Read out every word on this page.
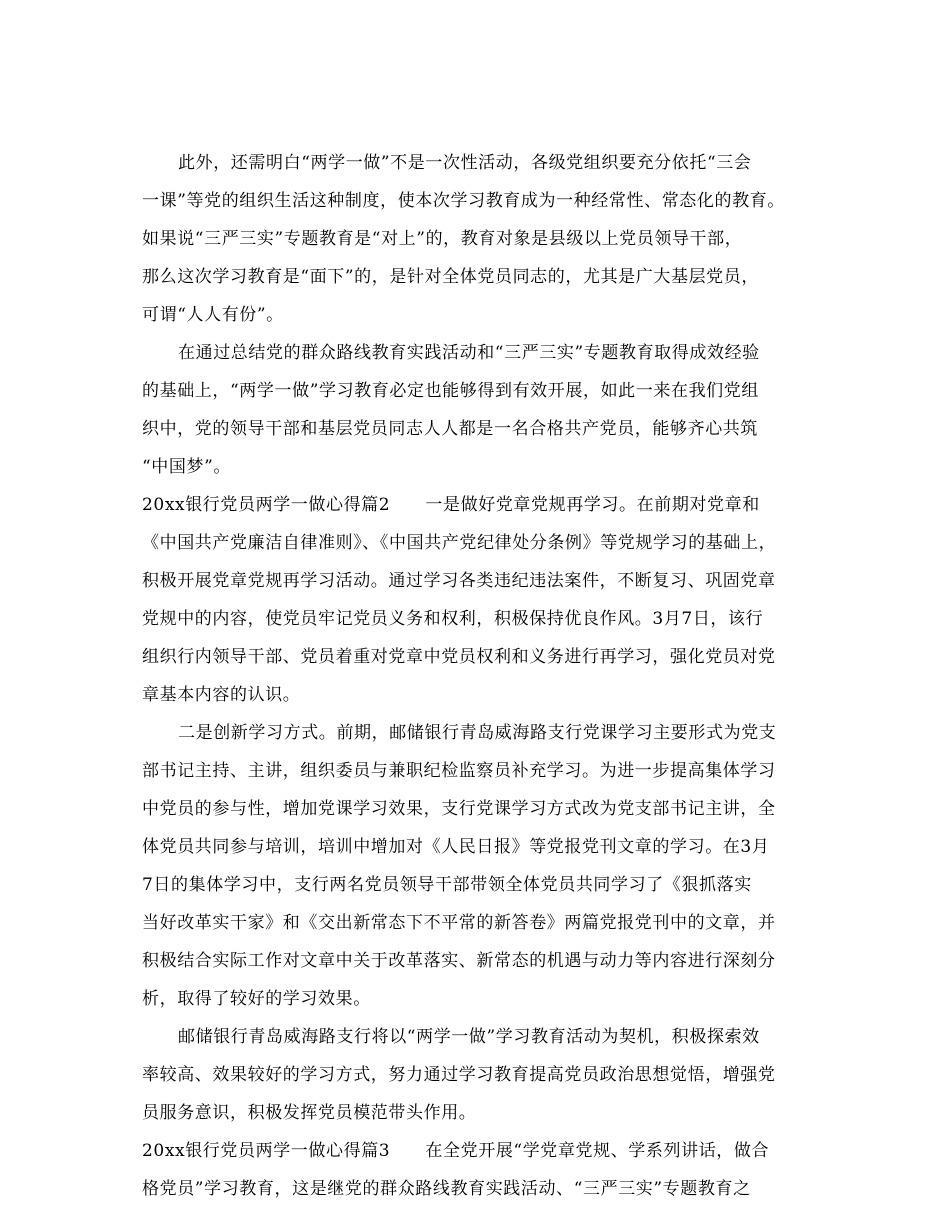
此外，还需明白“两学一做”不是一次性活动，各级党组织要充分依托“三会
一课”等党的组织生活这种制度，使本次学习教育成为一种经常性、常态化的教育。
如果说“三严三实”专题教育是“对上”的，教育对象是县级以上党员领导干部，
那么这次学习教育是“面下”的，是针对全体党员同志的，尤其是广大基层党员，
可谓“人人有份”。
在通过总结党的群众路线教育实践活动和“三严三实”专题教育取得成效经验
的基础上，“两学一做”学习教育必定也能够得到有效开展，如此一来在我们党组
织中，党的领导干部和基层党员同志人人都是一名合格共产党员，能够齐心共筑
“中国梦”。
20xx银行党员两学一做心得篇2　　一是做好党章党规再学习。在前期对党章和
《中国共产党廉洁自律准则》、《中国共产党纪律处分条例》等党规学习的基础上，
积极开展党章党规再学习活动。通过学习各类违纪违法案件，不断复习、巩固党章
党规中的内容，使党员牢记党员义务和权利，积极保持优良作风。3月7日，该行
组织行内领导干部、党员着重对党章中党员权利和义务进行再学习，强化党员对党
章基本内容的认识。
二是创新学习方式。前期，邮储银行青岛威海路支行党课学习主要形式为党支
部书记主持、主讲，组织委员与兼职纪检监察员补充学习。为进一步提高集体学习
中党员的参与性，增加党课学习效果，支行党课学习方式改为党支部书记主讲，全
体党员共同参与培训，培训中增加对《人民日报》等党报党刊文章的学习。在3月
7日的集体学习中，支行两名党员领导干部带领全体党员共同学习了《狠抓落实
当好改革实干家》和《交出新常态下不平常的新答卷》两篇党报党刊中的文章，并
积极结合实际工作对文章中关于改革落实、新常态的机遇与动力等内容进行深刻分
析，取得了较好的学习效果。
邮储银行青岛威海路支行将以“两学一做”学习教育活动为契机，积极探索效
率较高、效果较好的学习方式，努力通过学习教育提高党员政治思想觉悟，增强党
员服务意识，积极发挥党员模范带头作用。
20xx银行党员两学一做心得篇3　　在全党开展“学党章党规、学系列讲话，做合
格党员”学习教育，这是继党的群众路线教育实践活动、“三严三实”专题教育之
